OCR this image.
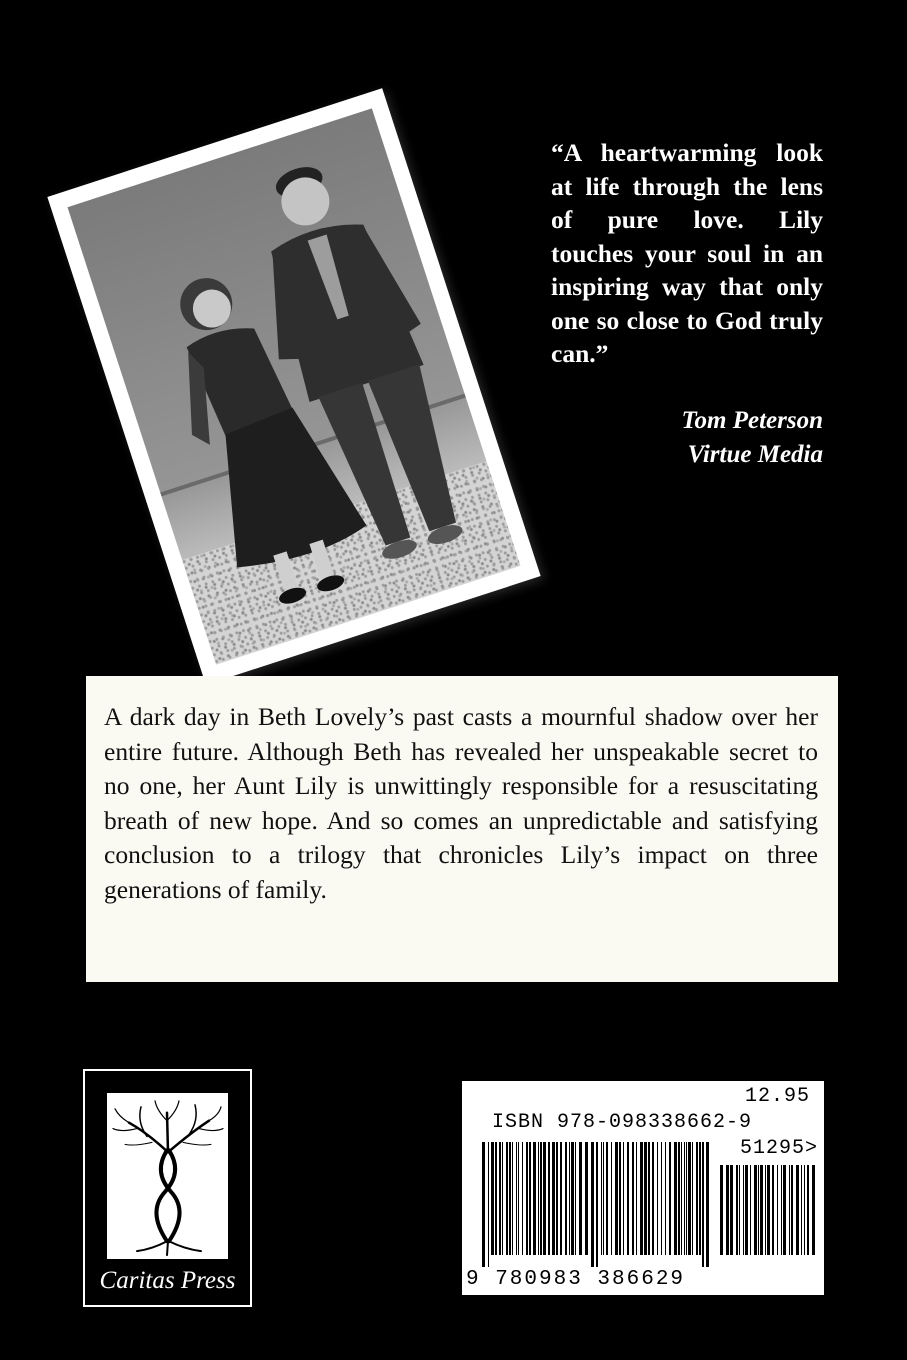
“A heartwarming look at life through the lens of pure love. Lily touches your soul in an inspiring way that only one so close to God truly can.”
Tom Peterson
Virtue Media

A dark day in Beth Lovely’s past casts a mournful shadow over her entire future. Although Beth has revealed her unspeakable secret to no one, her Aunt Lily is unwittingly responsible for a resuscitating breath of new hope. And so comes an unpredictable and satisfying conclusion to a trilogy that chronicles Lily’s impact on three generations of family.

Caritas Press
12.95
ISBN 978-098338662-9
51295>
9 780983 386629
